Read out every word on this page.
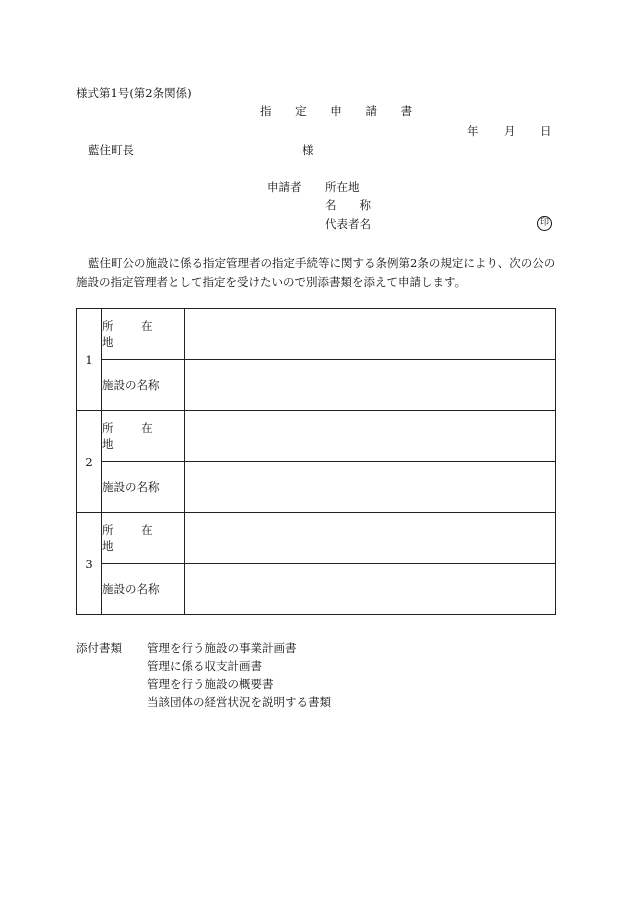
様式第1号(第2条関係)
指 定 申 請 書
年 月 日
藍住町長	様
申請者 所在地
名　　称
代表者名	印
藍住町公の施設に係る指定管理者の指定手続等に関する条例第2条の規定により、次の公の施設の指定管理者として指定を受けたいので別添書類を添えて申請します。
1	所 在 地	
	施設の名称	
2	所 在 地	
	施設の名称	
3	所 在 地	
	施設の名称	
添付書類 管理を行う施設の事業計画書
管理に係る収支計画書
管理を行う施設の概要書
当該団体の経営状況を説明する書類
